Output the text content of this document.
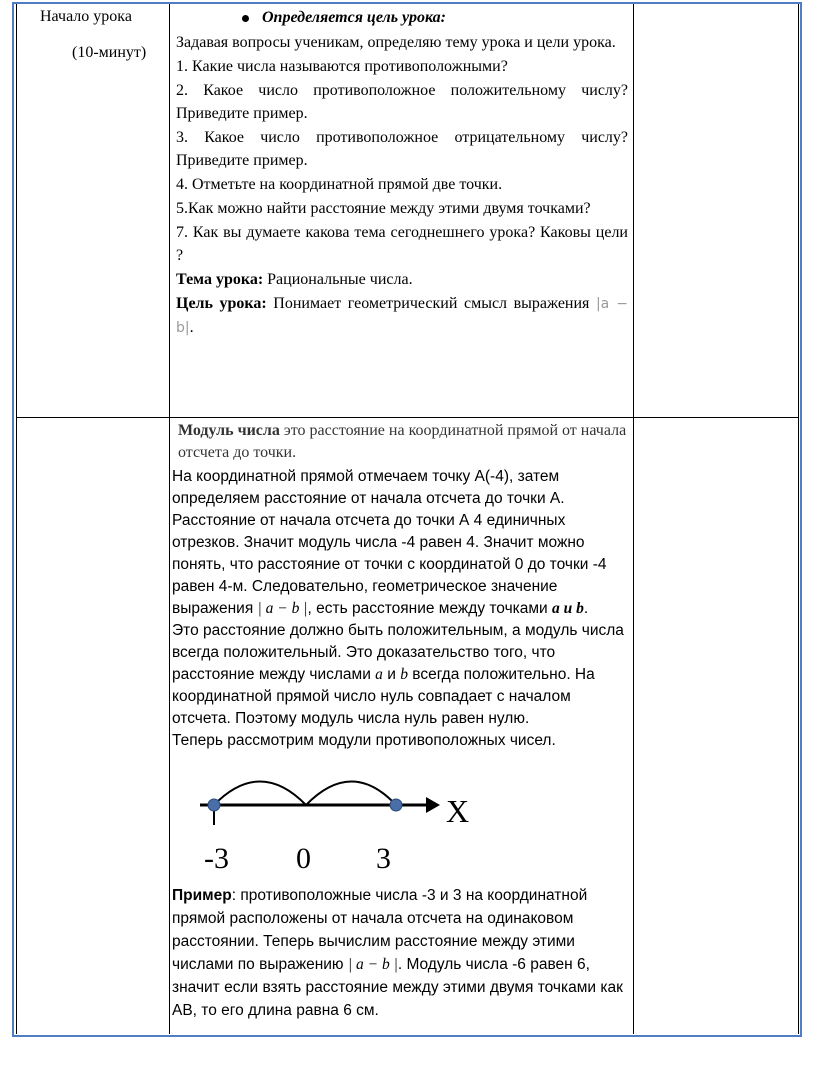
Начало урока
(10-минут)

Определяется цель урока:

Задавая вопросы ученикам, определяю тему урока и цели урока.

1. Какие числа называются противоположными?

2. Какое число противоположное положительному числу? Приведите пример.

3. Какое число противоположное отрицательному числу? Приведите пример.

4. Отметьте на координатной прямой две точки.

5.Как можно найти расстояние между этими двумя точками?

7. Как вы думаете какова тема сегоднешнего урока? Каковы цели ?

Тема урока: Рациональные числа.

Цель урока: Понимает геометрический смысл выражения |a − b|.

Модуль числа это расстояние на координатной прямой от начала отсчета до точки.

На координатной прямой отмечаем точку А(-4), затем определяем расстояние от начала отсчета до точки А. Расстояние от начала отсчета до точки А 4 единичных отрезков. Значит модуль числа -4 равен 4. Значит можно понять, что расстояние от точки с координатой 0 до точки -4 равен 4-м. Следовательно, геометрическое значение выражения | a − b |, есть расстояние между точками a и b.

Это расстояние должно быть положительным, а модуль числа всегда положительный. Это доказательство того, что расстояние между числами a и b всегда положительно. На координатной прямой число нуль совпадает с началом отсчета. Поэтому модуль числа нуль равен нулю.

Теперь рассмотрим модули противоположных чисел.

X
-3 0 3

Пример: противоположные числа -3 и 3 на координатной прямой расположены от начала отсчета на одинаковом расстоянии. Теперь вычислим расстояние между этими числами по выражению | a − b |. Модуль числа -6 равен 6, значит если взять расстояние между этими двумя точками как АВ, то его длина равна 6 см.
